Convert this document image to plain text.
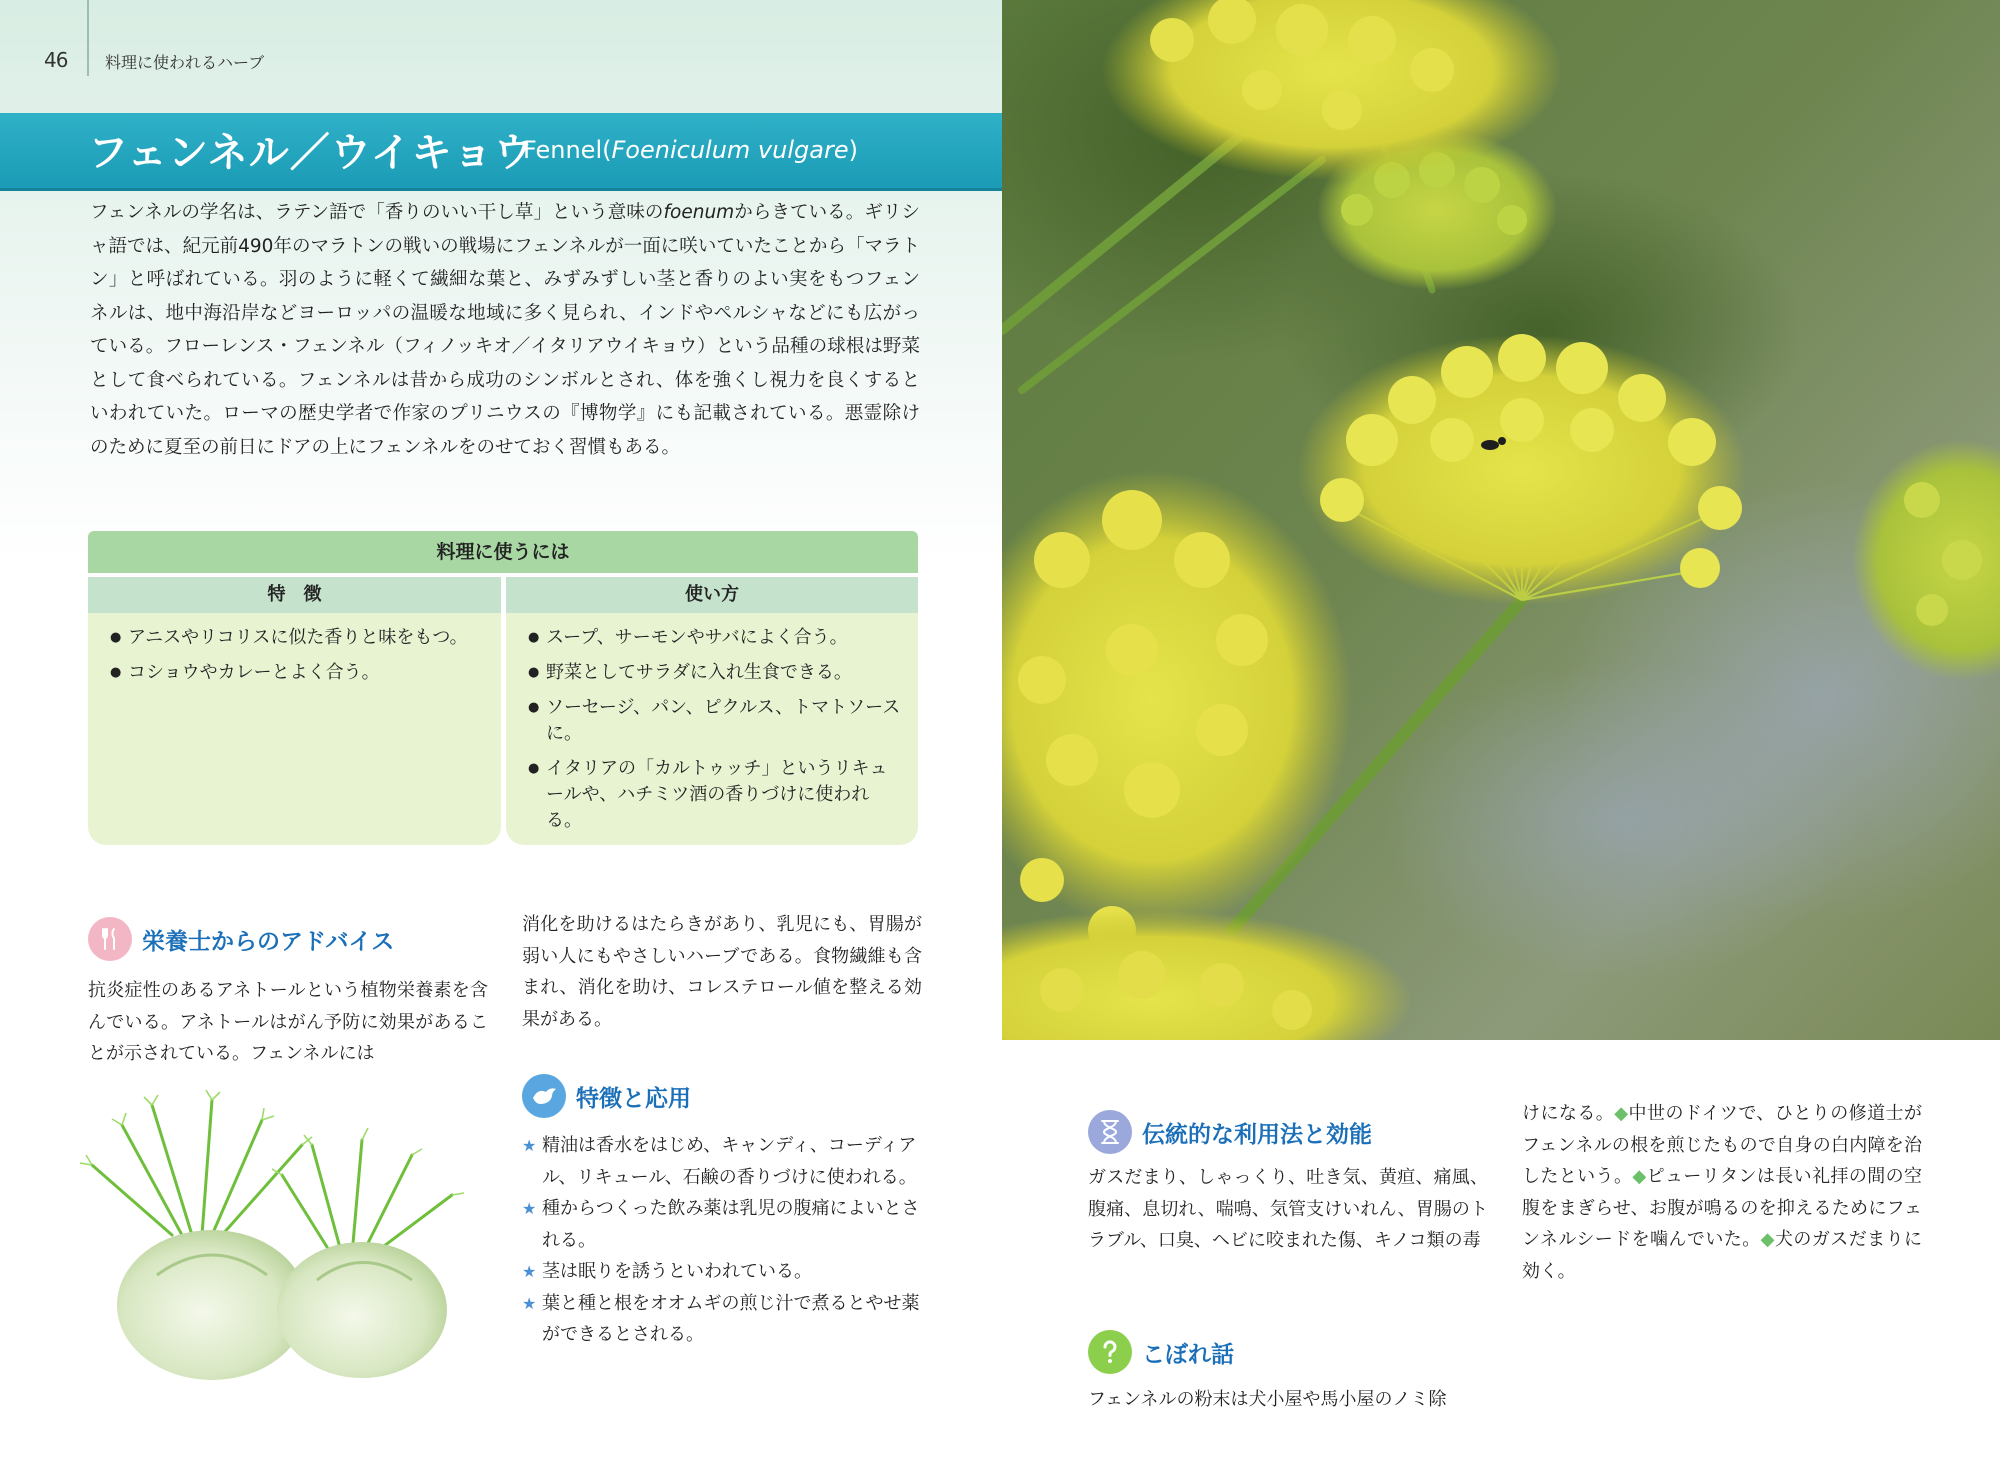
46 料理に使われるハーブ
フェンネル／ウイキョウ
Fennel(Foeniculum vulgare)

フェンネルの学名は、ラテン語で「香りのいい干し草」という意味のfoenumからきている。ギリシャ語では、紀元前490年のマラトンの戦いの戦場にフェンネルが一面に咲いていたことから「マラトン」と呼ばれている。羽のように軽くて繊細な葉と、みずみずしい茎と香りのよい実をもつフェンネルは、地中海沿岸などヨーロッパの温暖な地域に多く見られ、インドやペルシャなどにも広がっている。フローレンス・フェンネル（フィノッキオ／イタリアウイキョウ）という品種の球根は野菜として食べられている。フェンネルは昔から成功のシンボルとされ、体を強くし視力を良くするといわれていた。ローマの歴史学者で作家のプリニウスの『博物学』にも記載されている。悪霊除けのために夏至の前日にドアの上にフェンネルをのせておく習慣もある。

料理に使うには
特　徴
● アニスやリコリスに似た香りと味をもつ。
● コショウやカレーとよく合う。
使い方
● スープ、サーモンやサバによく合う。
● 野菜としてサラダに入れ生食できる。
● ソーセージ、パン、ピクルス、トマトソースに。
● イタリアの「カルトゥッチ」というリキュールや、ハチミツ酒の香りづけに使われる。
栄養士からのアドバイス

抗炎症性のあるアネトールという植物栄養素を含んでいる。アネトールはがん予防に効果があることが示されている。フェンネルには

消化を助けるはたらきがあり、乳児にも、胃腸が弱い人にもやさしいハーブである。食物繊維も含まれ、消化を助け、コレステロール値を整える効果がある。

特徴と応用
★ 精油は香水をはじめ、キャンディ、コーディアル、リキュール、石鹸の香りづけに使われる。
★ 種からつくった飲み薬は乳児の腹痛によいとされる。
★ 茎は眠りを誘うといわれている。
★ 葉と種と根をオオムギの煎じ汁で煮るとやせ薬ができるとされる。
伝統的な利用法と効能

ガスだまり、しゃっくり、吐き気、黄疸、痛風、腹痛、息切れ、喘鳴、気管支けいれん、胃腸のトラブル、口臭、ヘビに咬まれた傷、キノコ類の毒

こぼれ話

フェンネルの粉末は犬小屋や馬小屋のノミ除

けになる。◆中世のドイツで、ひとりの修道士がフェンネルの根を煎じたもので自身の白内障を治したという。◆ピューリタンは長い礼拝の間の空腹をまぎらせ、お腹が鳴るのを抑えるためにフェンネルシードを噛んでいた。◆犬のガスだまりに効く。
